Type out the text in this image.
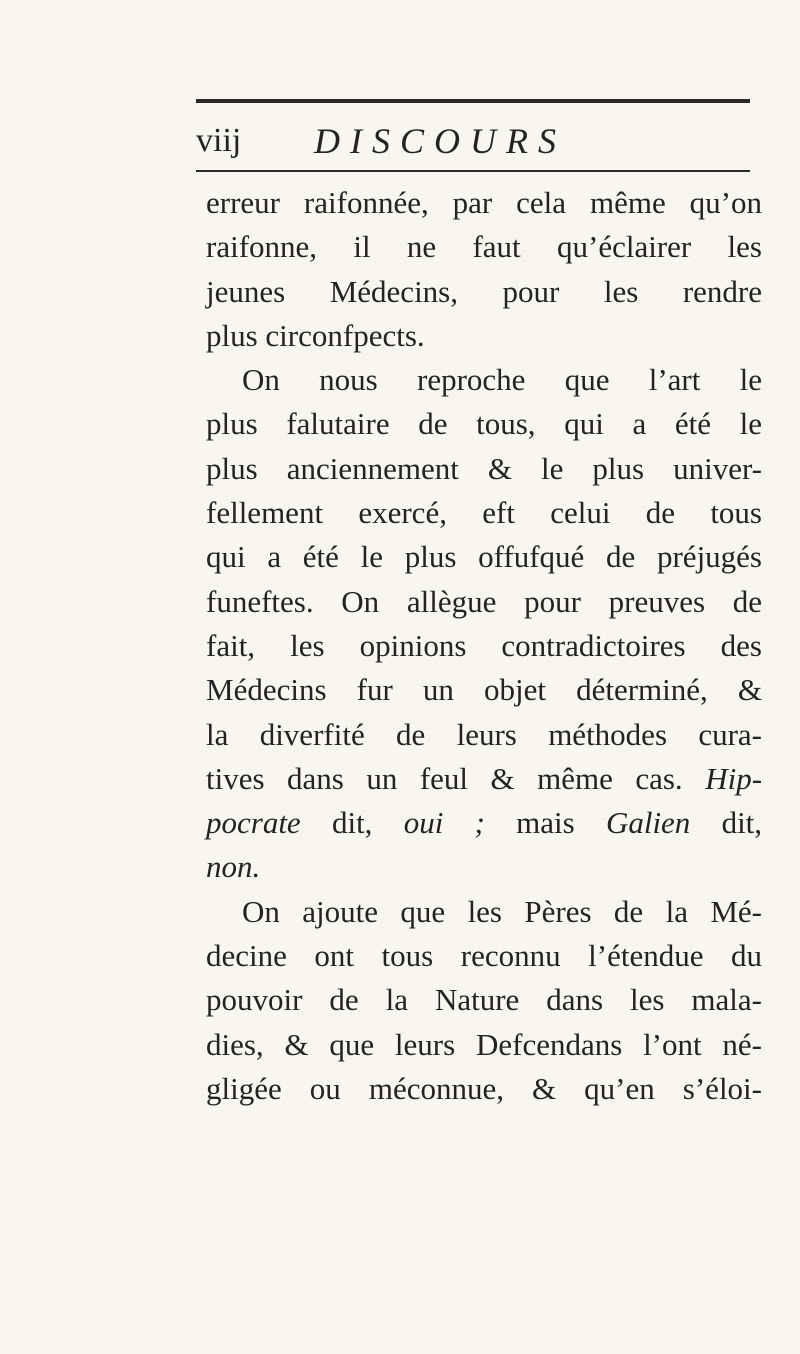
viij DISCOURS
erreur raifonnée, par cela même qu’on
raifonne, il ne faut qu’éclairer les
jeunes Médecins, pour les rendre
plus circonfpects.
On nous reproche que l’art le
plus falutaire de tous, qui a été le
plus anciennement & le plus univer-
fellement exercé, eft celui de tous
qui a été le plus offufqué de préjugés
funeftes. On allègue pour preuves de
fait, les opinions contradictoires des
Médecins fur un objet déterminé, &
la diverfité de leurs méthodes cura-
tives dans un feul & même cas. Hip-
pocrate dit, oui ; mais Galien dit,
non.
On ajoute que les Pères de la Mé-
decine ont tous reconnu l’étendue du
pouvoir de la Nature dans les mala-
dies, & que leurs Defcendans l’ont né-
gligée ou méconnue, & qu’en s’éloi-
